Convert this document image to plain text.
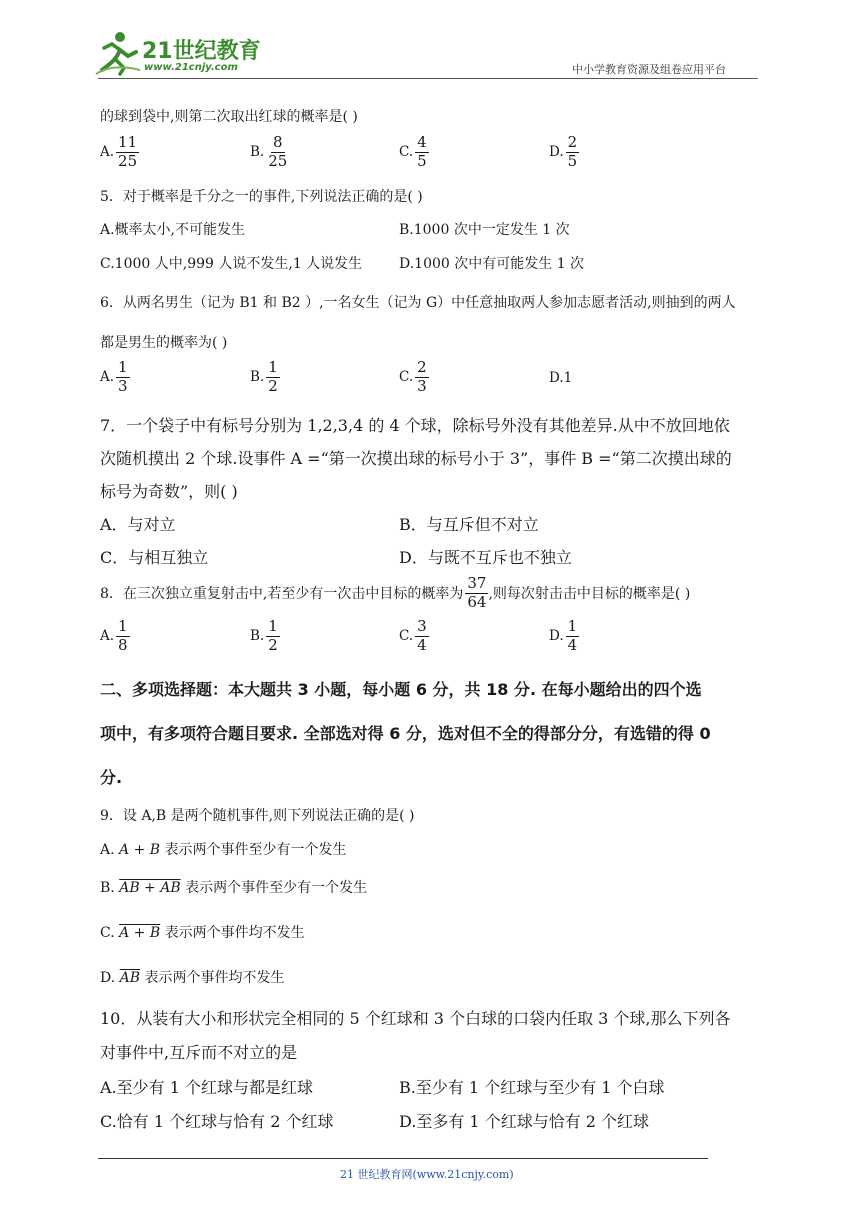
21世纪教育
www.21cnjy.com	中小学教育资源及组卷应用平台
的球到袋中,则第二次取出红球的概率是( )
A. $\frac{11}{25}$	B. $\frac{8}{25}$	C. $\frac{4}{5}$	D. $\frac{2}{5}$
5．对于概率是千分之一的事件,下列说法正确的是( )
A.概率太小,不可能发生	B.1000 次中一定发生 1 次
C.1000 人中,999 人说不发生,1 人说发生	D.1000 次中有可能发生 1 次
6．从两名男生（记为 B1 和 B2 ）,一名女生（记为 G）中任意抽取两人参加志愿者活动,则抽到的两人
都是男生的概率为( )
A. $\frac{1}{3}$	B. $\frac{1}{2}$	C. $\frac{2}{3}$	D. 1
7．一个袋子中有标号分别为 1,2,3,4 的 4 个球，除标号外没有其他差异.从中不放回地依
次随机摸出 2 个球.设事件 A =“第一次摸出球的标号小于 3”，事件 B =“第二次摸出球的
标号为奇数”，则( )
A．与对立	B．与互斥但不对立
C．与相互独立	D．与既不互斥也不独立
8．在三次独立重复射击中,若至少有一次击中目标的概率为 $\frac{37}{64}$ ,则每次射击击中目标的概率是( )
A. $\frac{1}{8}$	B. $\frac{1}{2}$	C. $\frac{3}{4}$	D. $\frac{1}{4}$
二、多项选择题：本大题共 3 小题，每小题 6 分，共 18 分. 在每小题给出的四个选
项中，有多项符合题目要求. 全部选对得 6 分，选对但不全的得部分分，有选错的得 0
分.
9．设 A,B 是两个随机事件,则下列说法正确的是( )
A. A + B 表示两个事件至少有一个发生
B. AB + AB 表示两个事件至少有一个发生
C. A + B 表示两个事件均不发生
D. $\overline{AB}$ 表示两个事件均不发生
10．从装有大小和形状完全相同的 5 个红球和 3 个白球的口袋内任取 3 个球,那么下列各
对事件中,互斥而不对立的是
A.至少有 1 个红球与都是红球	B.至少有 1 个红球与至少有 1 个白球
C.恰有 1 个红球与恰有 2 个红球	D.至多有 1 个红球与恰有 2 个红球
21 世纪教育网(www.21cnjy.com)
